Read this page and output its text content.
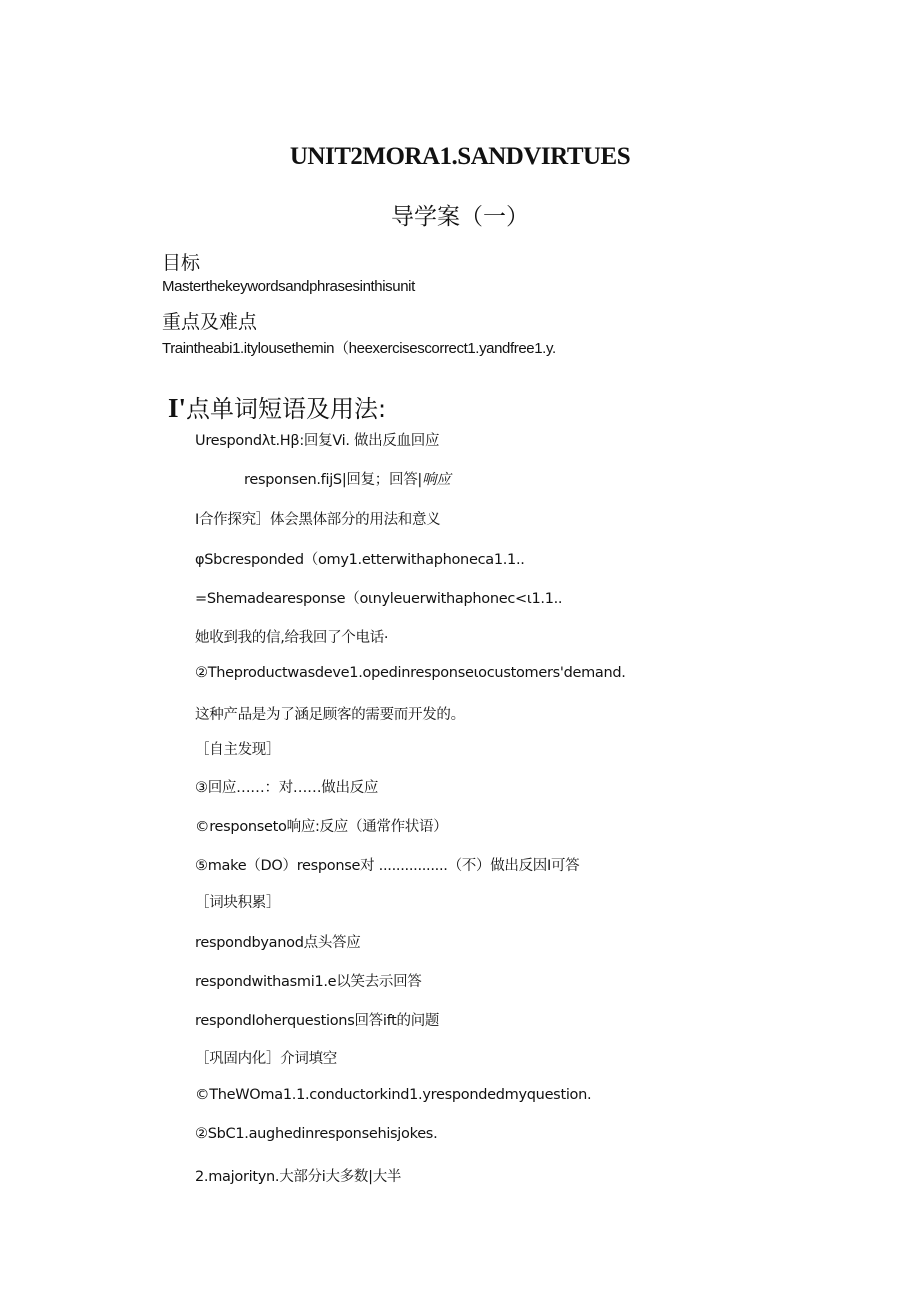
UNIT2MORA1.SANDVIRTUES
导学案（一）
目标
Masterthekeywordsandphrasesinthisunit
重点及难点
Traintheabi1.itylousethemin（heexercisescorrect1.yandfree1.y.
I'点单词短语及用法:
Urespondλt.Hβ:回复Vi. 做出反血回应
responsen.fijS|回复；回答|响应
I合作探究］体会黑体部分的用法和意义
φSbcresponded（omy1.etterwithaphoneca1.1..
=Shemadearesponse（oιnyleuerwithaphonec<ι1.1..
她收到我的信,给我回了个电话·
②Theproductwasdeve1.opedinresponseιocustomers'demand.
这种产品是为了涵足顾客的需要而开发的。
［自主发现］
③回应……：对……做出反应
©responseto响应:反应（通常作状语）
⑤make（DO）response对 ................（不）做出反因I可答
［词块积累］
respondbyanod点头答应
respondwithasmi1.e以笑去示回答
respondIoherquestions回答ift的问题
［巩固内化］介词填空
©TheWOma1.1.conductorkind1.yrespondedmyquestion.
②SbC1.aughedinresponsehisjokes.
2.majorityn.大部分i大多数|大半
